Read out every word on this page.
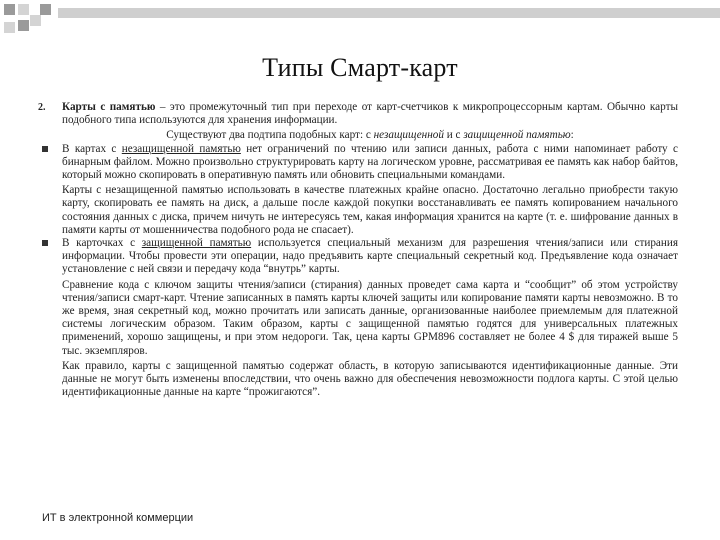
Типы Смарт-карт
2.	Карты с памятью – это промежуточный тип при переходе от карт-счетчиков к микропроцессорным картам. Обычно карты подобного типа используются для хранения информации.

Существуют два подтипа подобных карт: с незащищенной и с защищенной памятью:

В картах с незащищенной памятью нет ограничений по чтению или записи данных, работа с ними напоминает работу с бинарным файлом. Можно произвольно структурировать карту на логическом уровне, рассматривая ее память как набор байтов, который можно скопировать в оперативную память или обновить специальными командами.

Карты с незащищенной памятью использовать в качестве платежных крайне опасно. Достаточно легально приобрести такую карту, скопировать ее память на диск, а дальше после каждой покупки восстанавливать ее память копированием начального состояния данных с диска, причем ничуть не интересуясь тем, какая информация хранится на карте (т. е. шифрование данных в памяти карты от мошенничества подобного рода не спасает).

В карточках с защищенной памятью используется специальный механизм для разрешения чтения/записи или стирания информации. Чтобы провести эти операции, надо предъявить карте специальный секретный код. Предъявление кода означает установление с ней связи и передачу кода “внутрь” карты.

Сравнение кода с ключом защиты чтения/записи (стирания) данных проведет сама карта и “сообщит” об этом устройству чтения/записи смарт-карт. Чтение записанных в память карты ключей защиты или копирование памяти карты невозможно. В то же время, зная секретный код, можно прочитать или записать данные, организованные наиболее приемлемым для платежной системы логическим образом. Таким образом, карты с защищенной памятью годятся для универсальных платежных применений, хорошо защищены, и при этом недороги. Так, цена карты GPM896 составляет не более 4 $ для тиражей выше 5 тыс. экземпляров.

Как правило, карты с защищенной памятью содержат область, в которую записываются идентификационные данные. Эти данные не могут быть изменены впоследствии, что очень важно для обеспечения невозможности подлога карты. С этой целью идентификационные данные на карте “прожигаются”.

ИТ в электронной коммерции
